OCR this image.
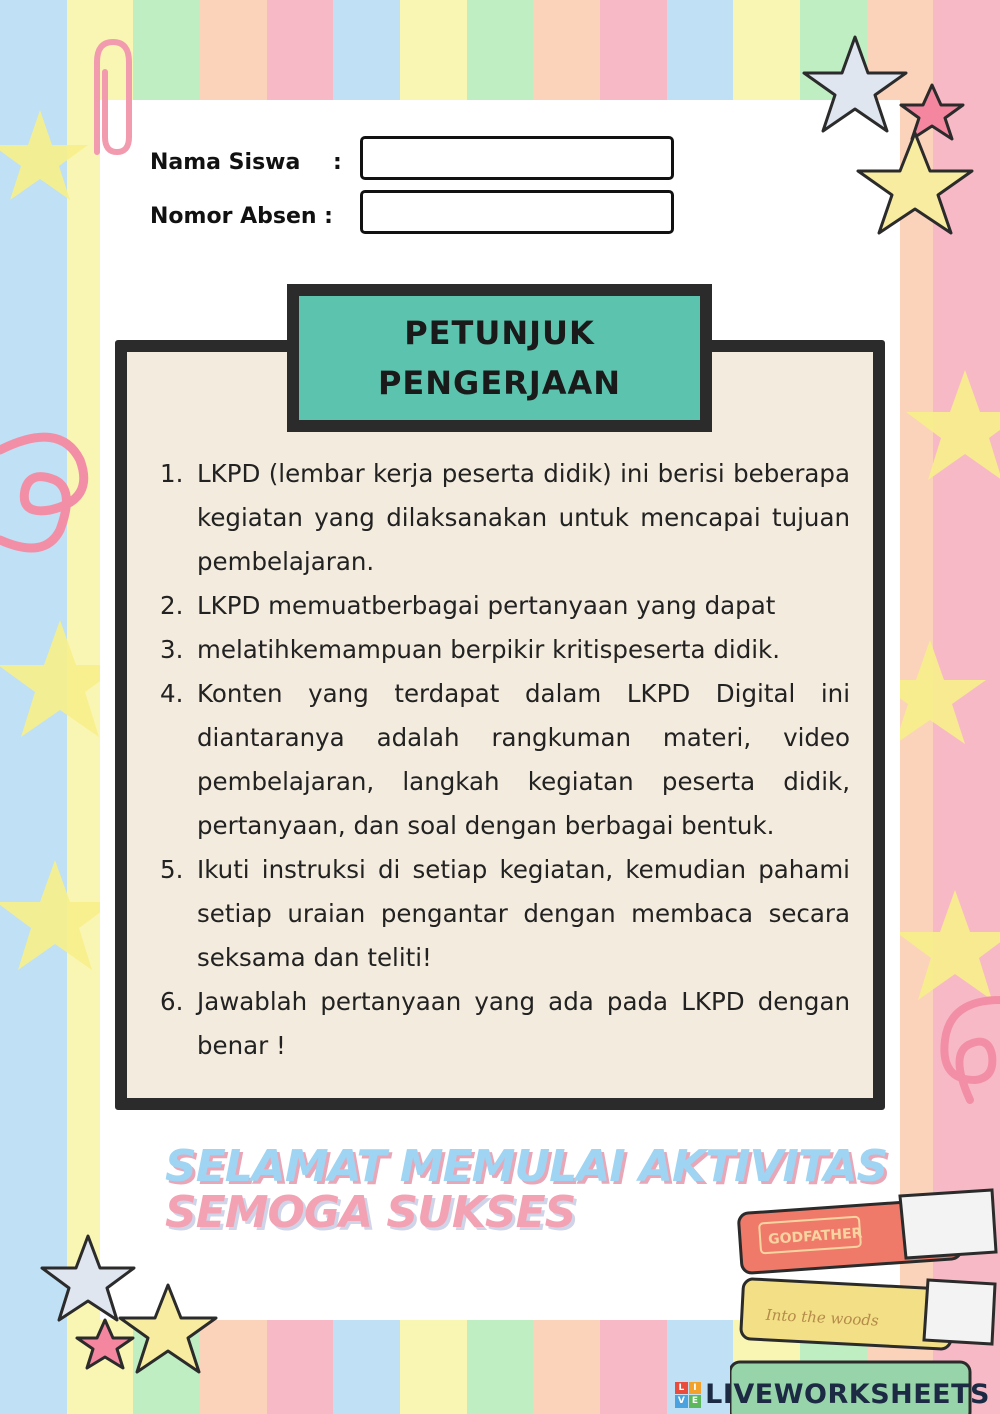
GODFATHER
Into the woods
Nama Siswa :
Nomor Absen :
PETUNJUK
PENGERJAAN
1. LKPD (lembar kerja peserta didik) ini berisi beberapa kegiatan yang dilaksanakan untuk mencapai tujuan pembelajaran.
2. LKPD memuatberbagai pertanyaan yang dapat
3. melatihkemampuan berpikir kritispeserta didik.
4. Konten yang terdapat dalam LKPD Digital ini diantaranya adalah rangkuman materi, video pembelajaran, langkah kegiatan peserta didik, pertanyaan, dan soal dengan berbagai bentuk.
5. Ikuti instruksi di setiap kegiatan, kemudian pahami setiap uraian pengantar dengan membaca secara seksama dan teliti!
6. Jawablah pertanyaan yang ada pada LKPD dengan benar !
SELAMAT MEMULAI AKTIVITAS
SEMOGA SUKSES
L I
V E LIVEWORKSHEETS
